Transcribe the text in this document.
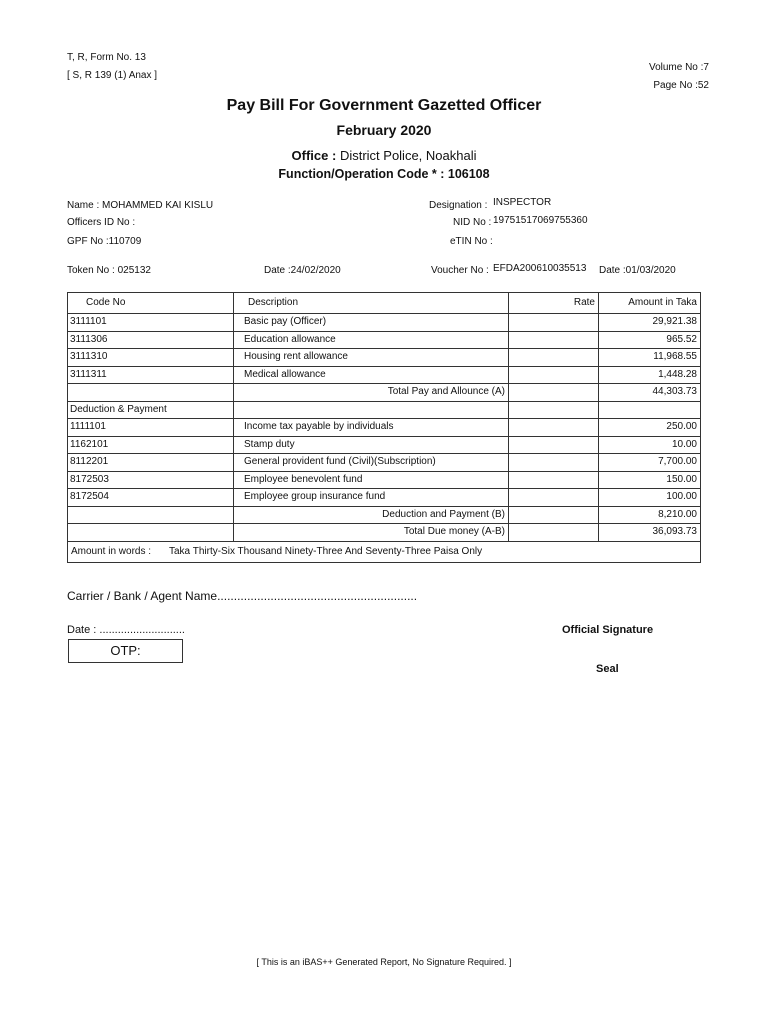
T, R, Form No. 13
[ S, R 139 (1) Anax ]
Volume No :7
Page No :52
Pay Bill For Government Gazetted Officer
February 2020
Office : District Police, Noakhali
Function/Operation Code * : 106108
Name : MOHAMMED KAI KISLU
Officers ID No :
GPF No :110709
Designation : INSPECTOR
NID No : 19751517069755360
eTIN No :
Token No : 025132	Date :24/02/2020	Voucher No : EFDA200610035513 Date :01/03/2020
Code No	Description	Rate	Amount in Taka
3111101	Basic pay (Officer)		29,921.38
3111306	Education allowance		965.52
3111310	Housing rent allowance		11,968.55
3111311	Medical allowance		1,448.28
	Total Pay and Allounce (A)		44,303.73
Deduction & Payment			
1111101	Income tax payable by individuals		250.00
1162101	Stamp duty		10.00
8112201	General provident fund (Civil)(Subscription)		7,700.00
8172503	Employee benevolent fund		150.00
8172504	Employee group insurance fund		100.00
	Deduction and Payment (B)		8,210.00
	Total Due money (A-B)		36,093.73
Amount in words : Taka Thirty-Six Thousand Ninety-Three And Seventy-Three Paisa Only			
Carrier / Bank / Agent Name............................................................
Date : ............................
OTP:
Official Signature
Seal
[ This is an iBAS++ Generated Report, No Signature Required. ]
